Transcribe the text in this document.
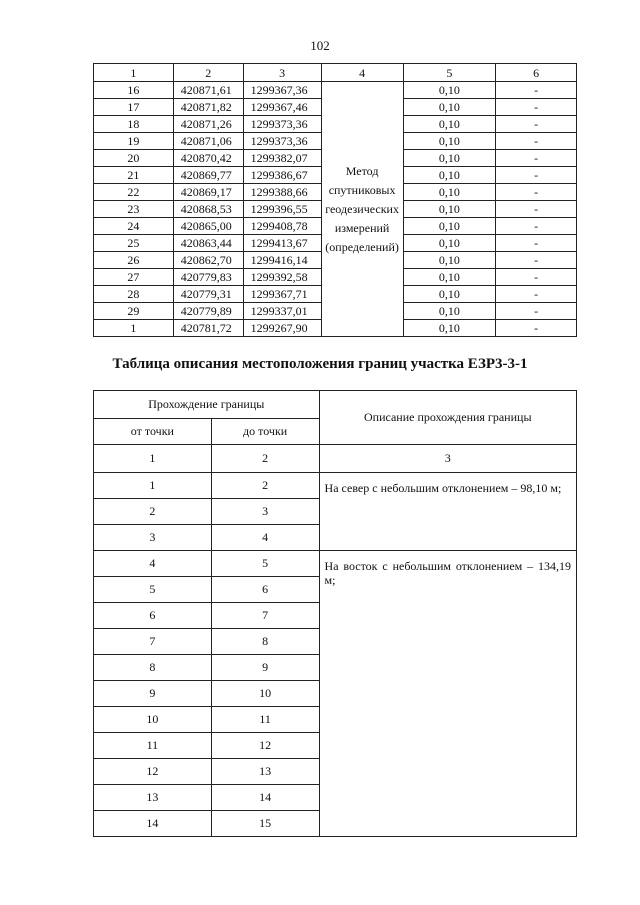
102
1	2	3	4	5	6
16	420871,61	1299367,36	Метод спутниковых геодезических измерений (определений)	0,10	-
17	420871,82	1299367,46		0,10	-
18	420871,26	1299373,36		0,10	-
19	420871,06	1299373,36		0,10	-
20	420870,42	1299382,07		0,10	-
21	420869,77	1299386,67		0,10	-
22	420869,17	1299388,66		0,10	-
23	420868,53	1299396,55		0,10	-
24	420865,00	1299408,78		0,10	-
25	420863,44	1299413,67		0,10	-
26	420862,70	1299416,14		0,10	-
27	420779,83	1299392,58		0,10	-
28	420779,31	1299367,71		0,10	-
29	420779,89	1299337,01		0,10	-
1	420781,72	1299267,90		0,10	-
Таблица описания местоположения границ участка ЕЗР3-3-1
Прохождение границы		Описание прохождения границы
от точки	до точки	
1	2	3
1	2	На север с небольшим отклонением – 98,10 м;
2	3	
3	4	
4	5	На восток с небольшим отклонением – 134,19 м;
5	6	
6	7	
7	8	
8	9	
9	10	
10	11	
11	12	
12	13	
13	14	
14	15	
